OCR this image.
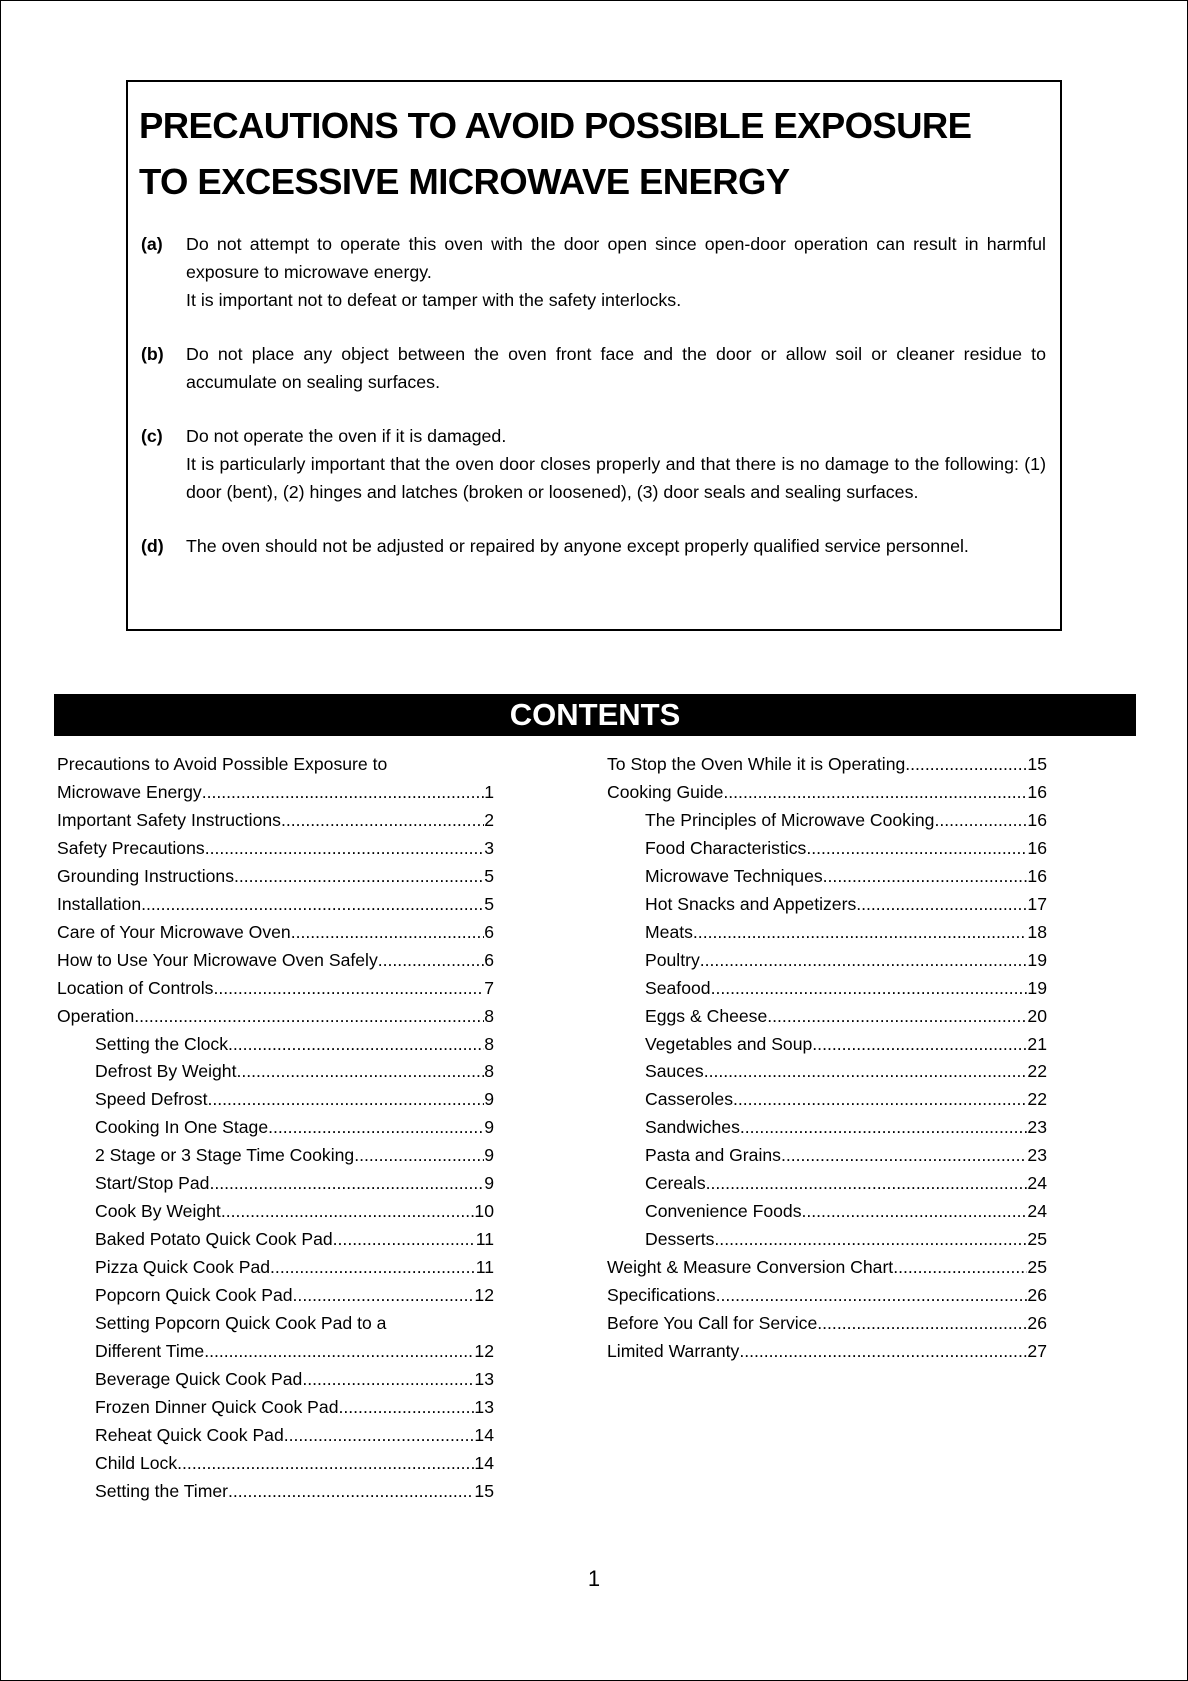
PRECAUTIONS TO AVOID POSSIBLE EXPOSURE
TO EXCESSIVE MICROWAVE ENERGY
(a) Do not attempt to operate this oven with the door open since open-door operation can result in harmful exposure to microwave energy.

It is important not to defeat or tamper with the safety interlocks.

(b) Do not place any object between the oven front face and the door or allow soil or cleaner residue to accumulate on sealing surfaces.

(c) Do not operate the oven if it is damaged.

It is particularly important that the oven door closes properly and that there is no damage to the following: (1) door (bent), (2) hinges and latches (broken or loosened), (3) door seals and sealing surfaces.

(d) The oven should not be adjusted or repaired by anyone except properly qualified service personnel.

CONTENTS
Precautions to Avoid Possible Exposure to
Microwave Energy .....	1
Important Safety Instructions .....	2
Safety Precautions .....	3
Grounding Instructions .....	5
Installation .....	5
Care of Your Microwave Oven .....	6
How to Use Your Microwave Oven Safely .....	6
Location of Controls .....	7
Operation .....	8
Setting the Clock .....	8
Defrost By Weight .....	8
Speed Defrost .....	9
Cooking In One Stage .....	9
2 Stage or 3 Stage Time Cooking .....	9
Start/Stop Pad .....	9
Cook By Weight .....	10
Baked Potato Quick Cook Pad .....	11
Pizza Quick Cook Pad .....	11
Popcorn Quick Cook Pad .....	12
Setting Popcorn Quick Cook Pad to a
Different Time .....	12
Beverage Quick Cook Pad .....	13
Frozen Dinner Quick Cook Pad .....	13
Reheat Quick Cook Pad .....	14
Child Lock .....	14
Setting the Timer .....	15
To Stop the Oven While it is Operating .....	15
Cooking Guide .....	16
The Principles of Microwave Cooking .....	16
Food Characteristics .....	16
Microwave Techniques .....	16
Hot Snacks and Appetizers .....	17
Meats .....	18
Poultry .....	19
Seafood .....	19
Eggs & Cheese .....	20
Vegetables and Soup .....	21
Sauces .....	22
Casseroles .....	22
Sandwiches .....	23
Pasta and Grains .....	23
Cereals .....	24
Convenience Foods .....	24
Desserts .....	25
Weight & Measure Conversion Chart .....	25
Specifications .....	26
Before You Call for Service .....	26
Limited Warranty .....	27
1
